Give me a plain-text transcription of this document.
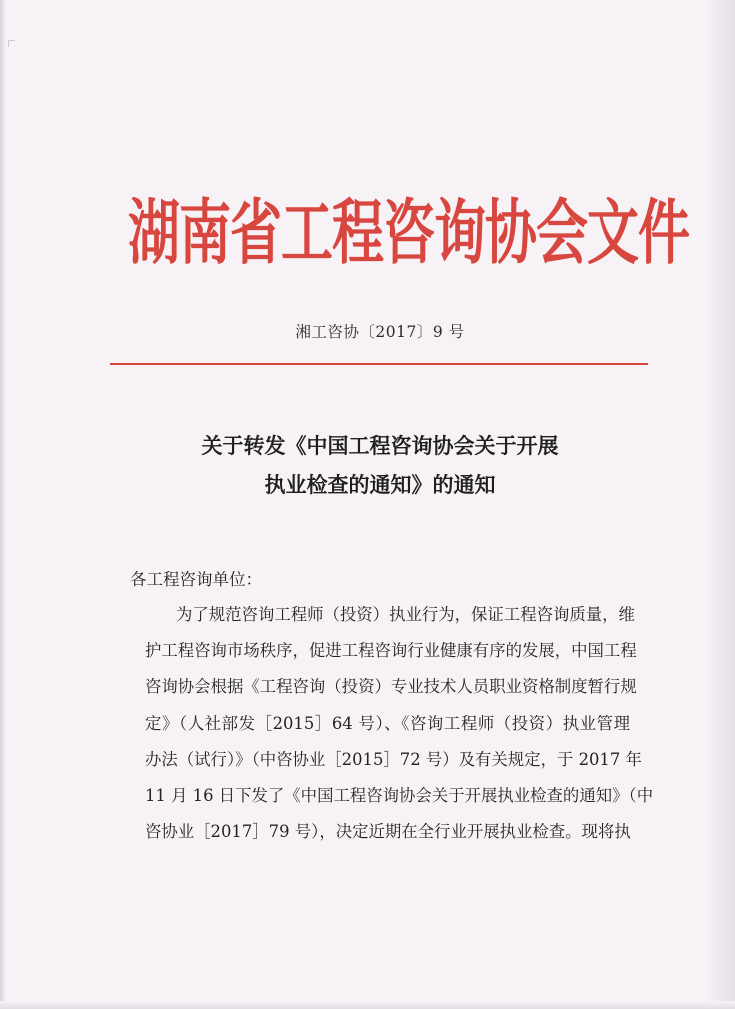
湖南省工程咨询协会文件
湘工咨协〔2017〕9 号
关于转发《中国工程咨询协会关于开展
执业检查的通知》的通知
各工程咨询单位：
为了规范咨询工程师（投资）执业行为，保证工程咨询质量，维
护工程咨询市场秩序，促进工程咨询行业健康有序的发展，中国工程
咨询协会根据《工程咨询（投资）专业技术人员职业资格制度暂行规
定》（人社部发［2015］64 号）、《咨询工程师（投资）执业管理
办法（试行）》（中咨协业［2015］72 号）及有关规定，于 2017 年
11 月 16 日下发了《中国工程咨询协会关于开展执业检查的通知》（中
咨协业［2017］79 号），决定近期在全行业开展执业检查。现将执
